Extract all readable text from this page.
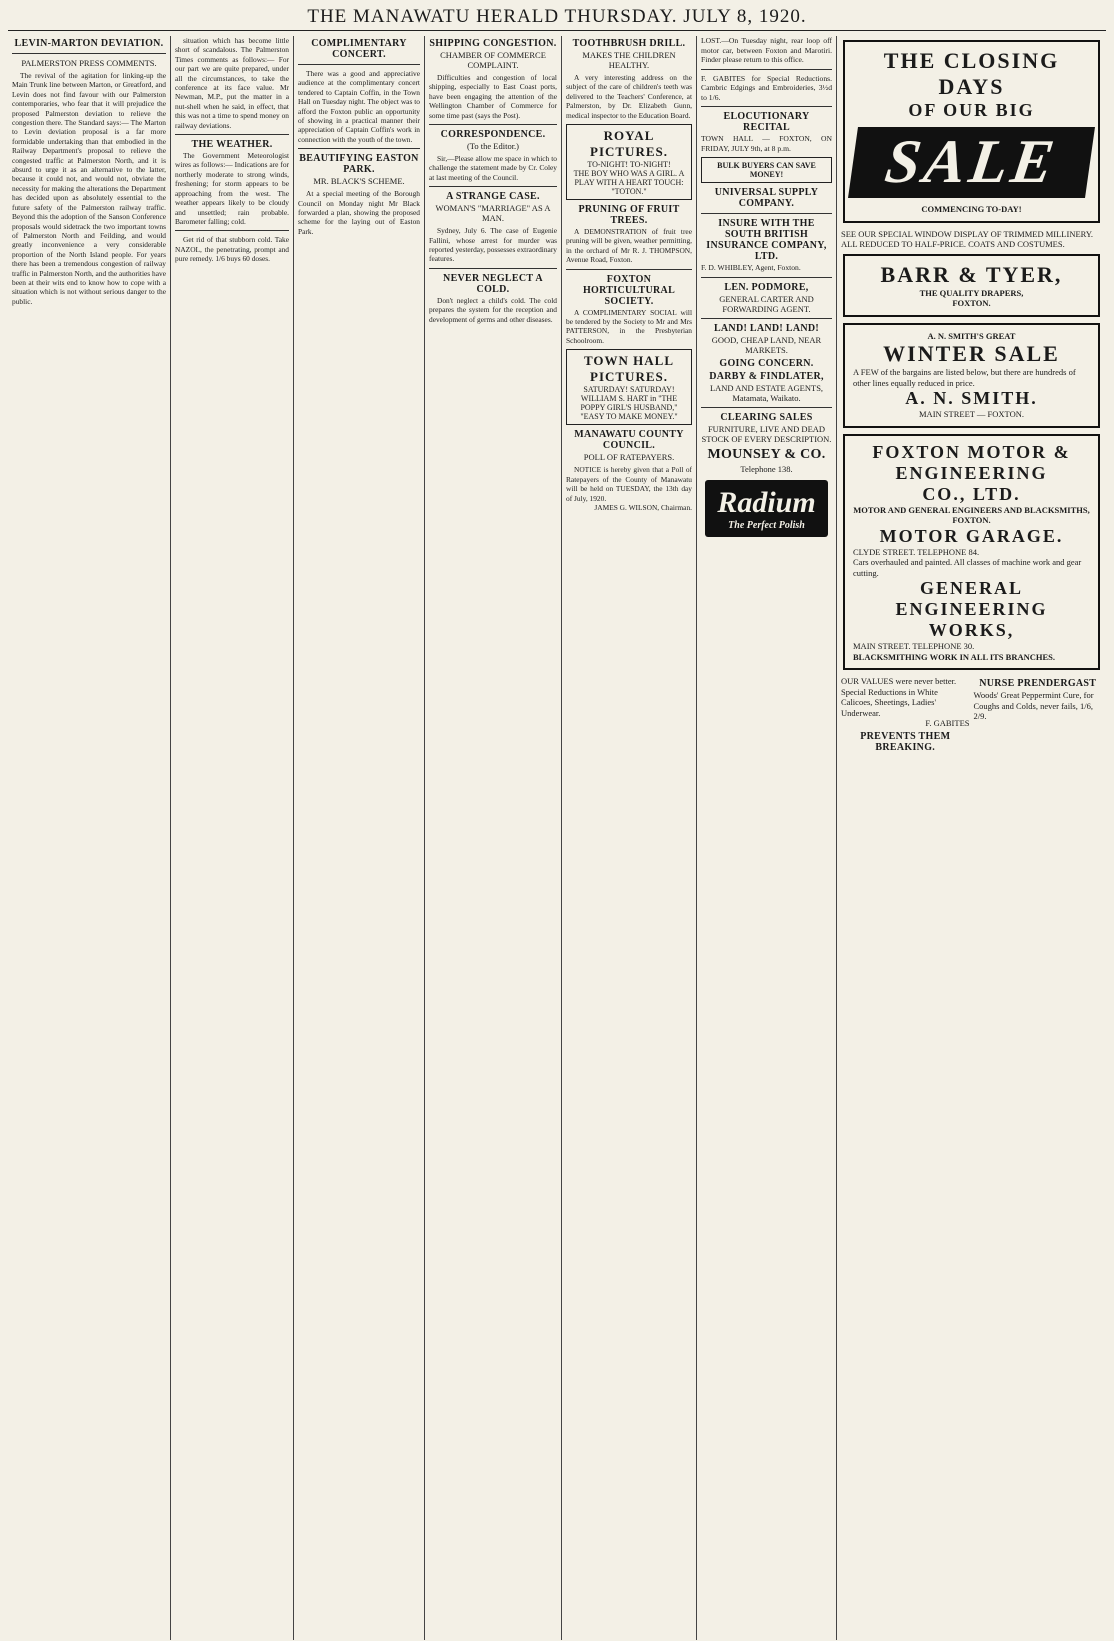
THE MANAWATU HERALD THURSDAY. JULY 8, 1920.
LEVIN-MARTON DEVIATION.
PALMERSTON PRESS COMMENTS.

The revival of the agitation for linking-up the Main Trunk line between Marton, or Greatford, and Levin does not find favour with our Palmerston contemporaries, who fear that it will prejudice the proposed Palmerston deviation to relieve the congestion there. The Standard says:— The Marton to Levin deviation proposal is a far more formidable undertaking than that embodied in the Railway Department's proposal to relieve the congested traffic at Palmerston North, and it is absurd to urge it as an alternative to the latter, because it could not, and would not, obviate the necessity for making the alterations the Department has decided upon as absolutely essential to the future safety of the Palmerston railway traffic. Beyond this the adoption of the Sanson Conference proposals would sidetrack the two important towns of Palmerston North and Feilding, and would greatly inconvenience a very considerable proportion of the North Island people. For years there has been a tremendous congestion of railway traffic in Palmerston North, and the authorities have been at their wits end to know how to cope with a situation which is not without serious danger to the public.

situation which has become little short of scandalous. The Palmerston Times comments as follows:— For our part we are quite prepared, under all the circumstances, to take the conference at its face value. Mr Newman, M.P., put the matter in a nut-shell when he said, in effect, that this was not a time to spend money on railway deviations.

THE WEATHER.

The Government Meteorologist wires as follows:— Indications are for northerly moderate to strong winds, freshening; for storm appears to be approaching from the west. The weather appears likely to be cloudy and unsettled; rain probable. Barometer falling; cold.

Get rid of that stubborn cold. Take NAZOL, the penetrating, prompt and pure remedy. 1/6 buys 60 doses.

COMPLIMENTARY CONCERT.

There was a good and appreciative audience at the complimentary concert tendered to Captain Coffin, in the Town Hall on Tuesday night. The object was to afford the Foxton public an opportunity of showing in a practical manner their appreciation of Captain Coffin's work in connection with the youth of the town.

BEAUTIFYING EASTON PARK.
MR. BLACK'S SCHEME.

At a special meeting of the Borough Council on Monday night Mr Black forwarded a plan, showing the proposed scheme for the laying out of Easton Park.

SHIPPING CONGESTION.
CHAMBER OF COMMERCE COMPLAINT.

Difficulties and congestion of local shipping, especially to East Coast ports, have been engaging the attention of the Wellington Chamber of Commerce for some time past (says the Post).

CORRESPONDENCE.
(To the Editor.)

Sir,—Please allow me space in which to challenge the statement made by Cr. Coley at last meeting of the Council.

A STRANGE CASE.
WOMAN'S "MARRIAGE" AS A MAN.

Sydney, July 6. The case of Eugenie Fallini, whose arrest for murder was reported yesterday, possesses extraordinary features.

NEVER NEGLECT A COLD.

Don't neglect a child's cold. The cold prepares the system for the reception and development of germs and other diseases.

TOOTHBRUSH DRILL.
MAKES THE CHILDREN HEALTHY.

A very interesting address on the subject of the care of children's teeth was delivered to the Teachers' Conference, at Palmerston, by Dr. Elizabeth Gunn, medical inspector to the Education Board.

ROYAL PICTURES.
TO-NIGHT! TO-NIGHT!
THE BOY WHO WAS A GIRL. A PLAY WITH A HEART TOUCH: "TOTON."
PRUNING OF FRUIT TREES.

A DEMONSTRATION of fruit tree pruning will be given, weather permitting, in the orchard of Mr R. J. THOMPSON, Avenue Road, Foxton.

FOXTON HORTICULTURAL SOCIETY.

A COMPLIMENTARY SOCIAL will be tendered by the Society to Mr and Mrs PATTERSON, in the Presbyterian Schoolroom.

TOWN HALL PICTURES.
SATURDAY! SATURDAY! WILLIAM S. HART in "THE POPPY GIRL'S HUSBAND," "EASY TO MAKE MONEY."
MANAWATU COUNTY COUNCIL.
POLL OF RATEPAYERS.

NOTICE is hereby given that a Poll of Ratepayers of the County of Manawatu will be held on TUESDAY, the 13th day of July, 1920.

JAMES G. WILSON, Chairman.
LOST.—On Tuesday night, rear loop off motor car, between Foxton and Marotiri. Finder please return to this office.
F. GABITES for Special Reductions. Cambric Edgings and Embroideries, 3½d to 1/6.
ELOCUTIONARY RECITAL
TOWN HALL — FOXTON, ON FRIDAY, JULY 9th, at 8 p.m.
BULK BUYERS CAN SAVE MONEY!
UNIVERSAL SUPPLY COMPANY.
INSURE WITH THE SOUTH BRITISH INSURANCE COMPANY, LTD.
F. D. WHIBLEY, Agent, Foxton.
LEN. PODMORE,
GENERAL CARTER AND FORWARDING AGENT.
LAND! LAND! LAND!
GOOD, CHEAP LAND, NEAR MARKETS.
GOING CONCERN.
DARBY & FINDLATER,
LAND AND ESTATE AGENTS, Matamata, Waikato.
CLEARING SALES
FURNITURE, LIVE AND DEAD STOCK OF EVERY DESCRIPTION.
MOUNSEY & CO.
Telephone 138.
Radium
The Perfect Polish
THE CLOSING DAYS
OF OUR BIG
SALE
COMMENCING TO-DAY!
SEE OUR SPECIAL WINDOW DISPLAY OF TRIMMED MILLINERY. ALL REDUCED TO HALF-PRICE. COATS AND COSTUMES.
BARR & TYER,
THE QUALITY DRAPERS,
FOXTON.
A. N. SMITH'S GREAT
WINTER SALE
A FEW of the bargains are listed below, but there are hundreds of other lines equally reduced in price.
A. N. SMITH.
MAIN STREET — FOXTON.
FOXTON MOTOR &
ENGINEERING
CO., LTD.
MOTOR AND GENERAL ENGINEERS AND BLACKSMITHS, FOXTON.
MOTOR GARAGE.
CLYDE STREET. TELEPHONE 84.
Cars overhauled and painted. All classes of machine work and gear cutting.
GENERAL ENGINEERING
WORKS,
MAIN STREET. TELEPHONE 30.
BLACKSMITHING WORK IN ALL ITS BRANCHES.
OUR VALUES were never better. Special Reductions in White Calicoes, Sheetings, Ladies' Underwear.
F. GABITES
PREVENTS THEM BREAKING.
NURSE PRENDERGAST
Woods' Great Peppermint Cure, for Coughs and Colds, never fails, 1/6, 2/9.
